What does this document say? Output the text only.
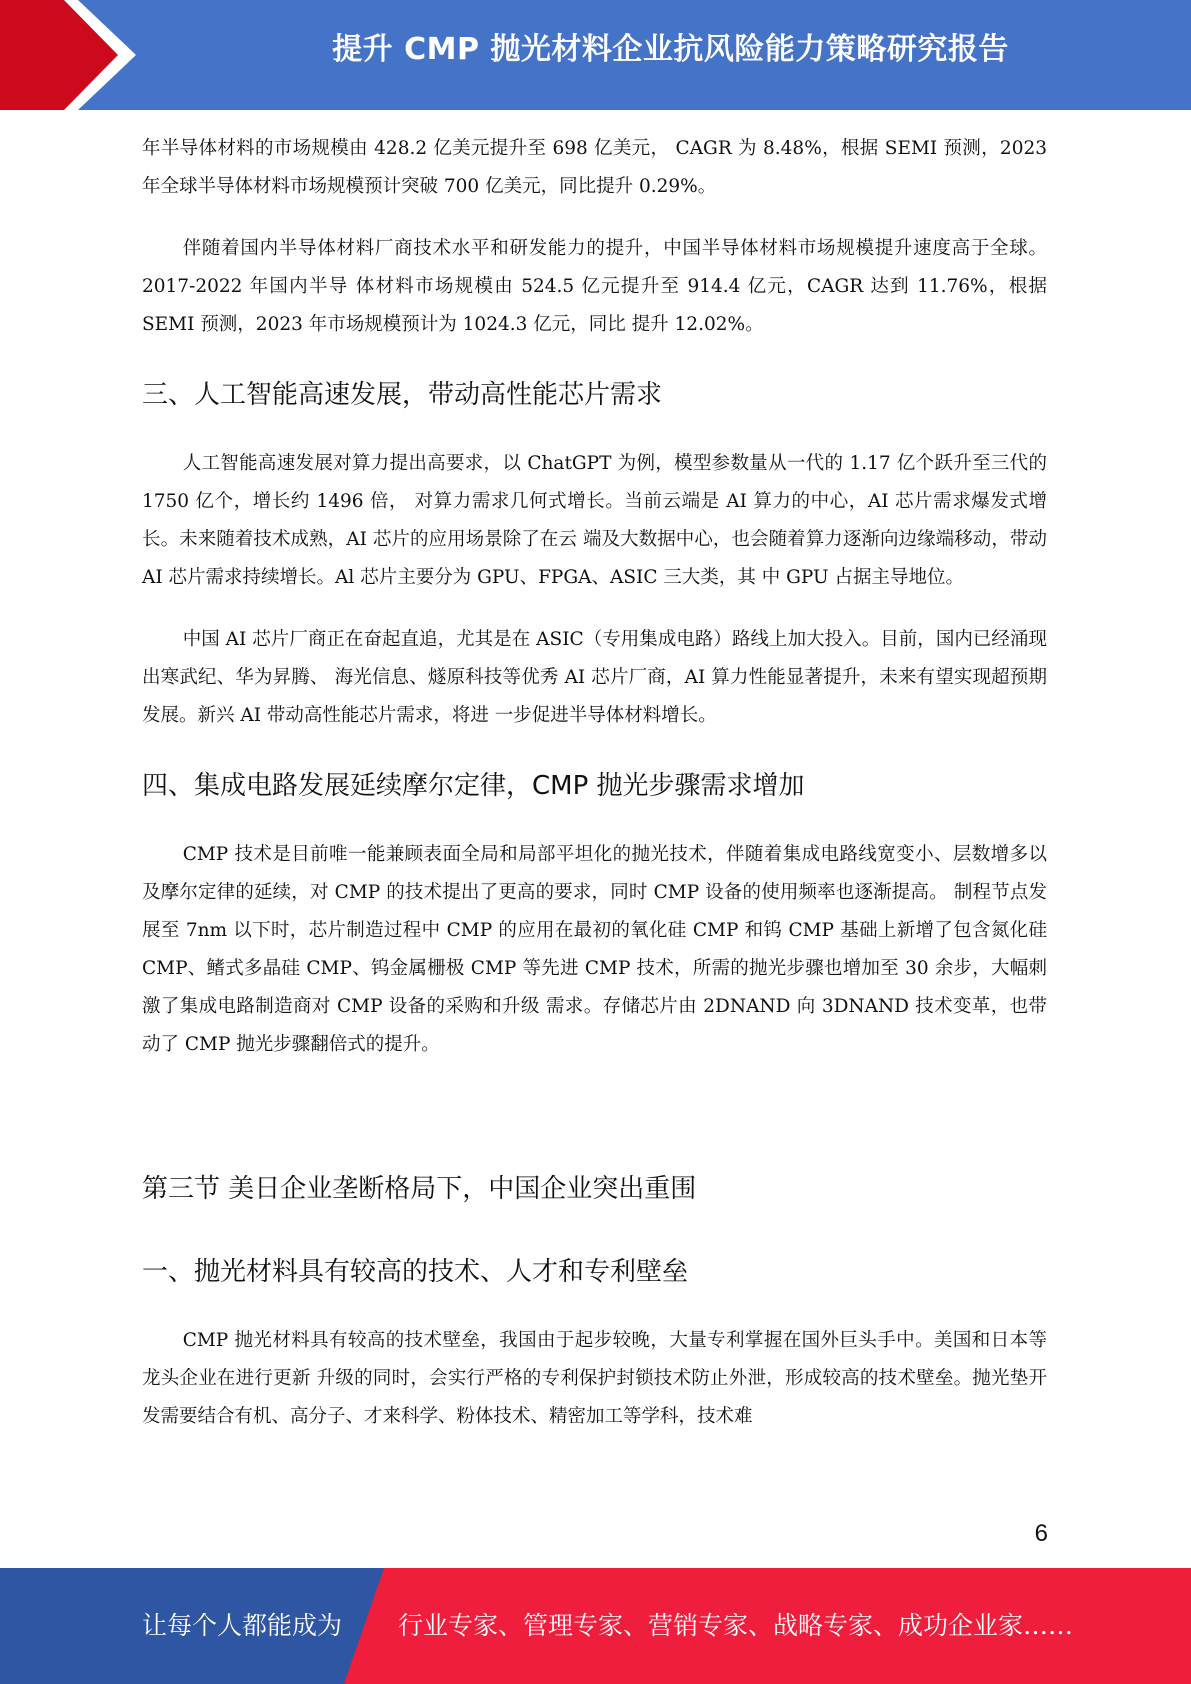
提升 CMP 抛光材料企业抗风险能力策略研究报告

年半导体材料的市场规模由 428.2 亿美元提升至 698 亿美元， CAGR 为 8.48%，根据 SEMI 预测，2023 年全球半导体材料市场规模预计突破 700 亿美元，同比提升 0.29%。

伴随着国内半导体材料厂商技术水平和研发能力的提升，中国半导体材料市场规模提升速度高于全球。2017-2022 年国内半导 体材料市场规模由 524.5 亿元提升至 914.4 亿元，CAGR 达到 11.76%，根据 SEMI 预测，2023 年市场规模预计为 1024.3 亿元，同比 提升 12.02%。

三、人工智能高速发展，带动高性能芯片需求

人工智能高速发展对算力提出高要求，以 ChatGPT 为例，模型参数量从一代的 1.17 亿个跃升至三代的 1750 亿个，增长约 1496 倍， 对算力需求几何式增长。当前云端是 AI 算力的中心，AI 芯片需求爆发式增长。未来随着技术成熟，AI 芯片的应用场景除了在云 端及大数据中心，也会随着算力逐渐向边缘端移动，带动 AI 芯片需求持续增长。Al 芯片主要分为 GPU、FPGA、ASIC 三大类，其 中 GPU 占据主导地位。

中国 AI 芯片厂商正在奋起直追，尤其是在 ASIC（专用集成电路）路线上加大投入。目前，国内已经涌现出寒武纪、华为昇腾、 海光信息、燧原科技等优秀 AI 芯片厂商，AI 算力性能显著提升，未来有望实现超预期发展。新兴 AI 带动高性能芯片需求，将进 一步促进半导体材料增长。

四、集成电路发展延续摩尔定律，CMP 抛光步骤需求增加

CMP 技术是目前唯一能兼顾表面全局和局部平坦化的抛光技术，伴随着集成电路线宽变小、层数增多以及摩尔定律的延续，对 CMP 的技术提出了更高的要求，同时 CMP 设备的使用频率也逐渐提高。 制程节点发展至 7nm 以下时，芯片制造过程中 CMP 的应用在最初的氧化硅 CMP 和钨 CMP 基础上新增了包含氮化硅 CMP、鳍式多晶硅 CMP、钨金属栅极 CMP 等先进 CMP 技术，所需的抛光步骤也增加至 30 余步，大幅刺激了集成电路制造商对 CMP 设备的采购和升级 需求。存储芯片由 2DNAND 向 3DNAND 技术变革，也带动了 CMP 抛光步骤翻倍式的提升。

第三节 美日企业垄断格局下，中国企业突出重围
一、抛光材料具有较高的技术、人才和专利壁垒

CMP 抛光材料具有较高的技术壁垒，我国由于起步较晚，大量专利掌握在国外巨头手中。美国和日本等龙头企业在进行更新 升级的同时，会实行严格的专利保护封锁技术防止外泄，形成较高的技术壁垒。抛光垫开发需要结合有机、高分子、才来科学、粉体技术、精密加工等学科，技术难

6
让每个人都能成为 行业专家、管理专家、营销专家、战略专家、成功企业家……
